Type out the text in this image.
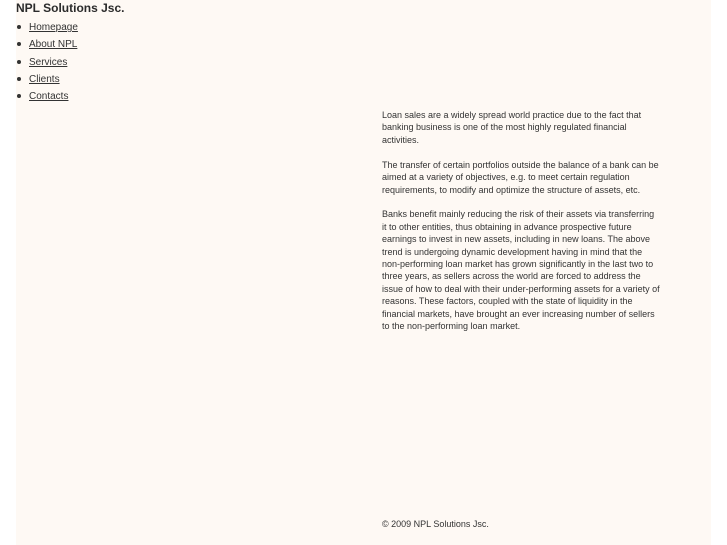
NPL Solutions Jsc.
Homepage
About NPL
Services
Clients
Contacts

Loan sales are a widely spread world practice due to the fact that banking business is one of the most highly regulated financial activities.

The transfer of certain portfolios outside the balance of a bank can be aimed at a variety of objectives, e.g. to meet certain regulation requirements, to modify and optimize the structure of assets, etc.

Banks benefit mainly reducing the risk of their assets via transferring it to other entities, thus obtaining in advance prospective future earnings to invest in new assets, including in new loans. The above trend is undergoing dynamic development having in mind that the non-performing loan market has grown significantly in the last two to three years, as sellers across the world are forced to address the issue of how to deal with their under-performing assets for a variety of reasons. These factors, coupled with the state of liquidity in the financial markets, have brought an ever increasing number of sellers to the non-performing loan market.

© 2009 NPL Solutions Jsc.
